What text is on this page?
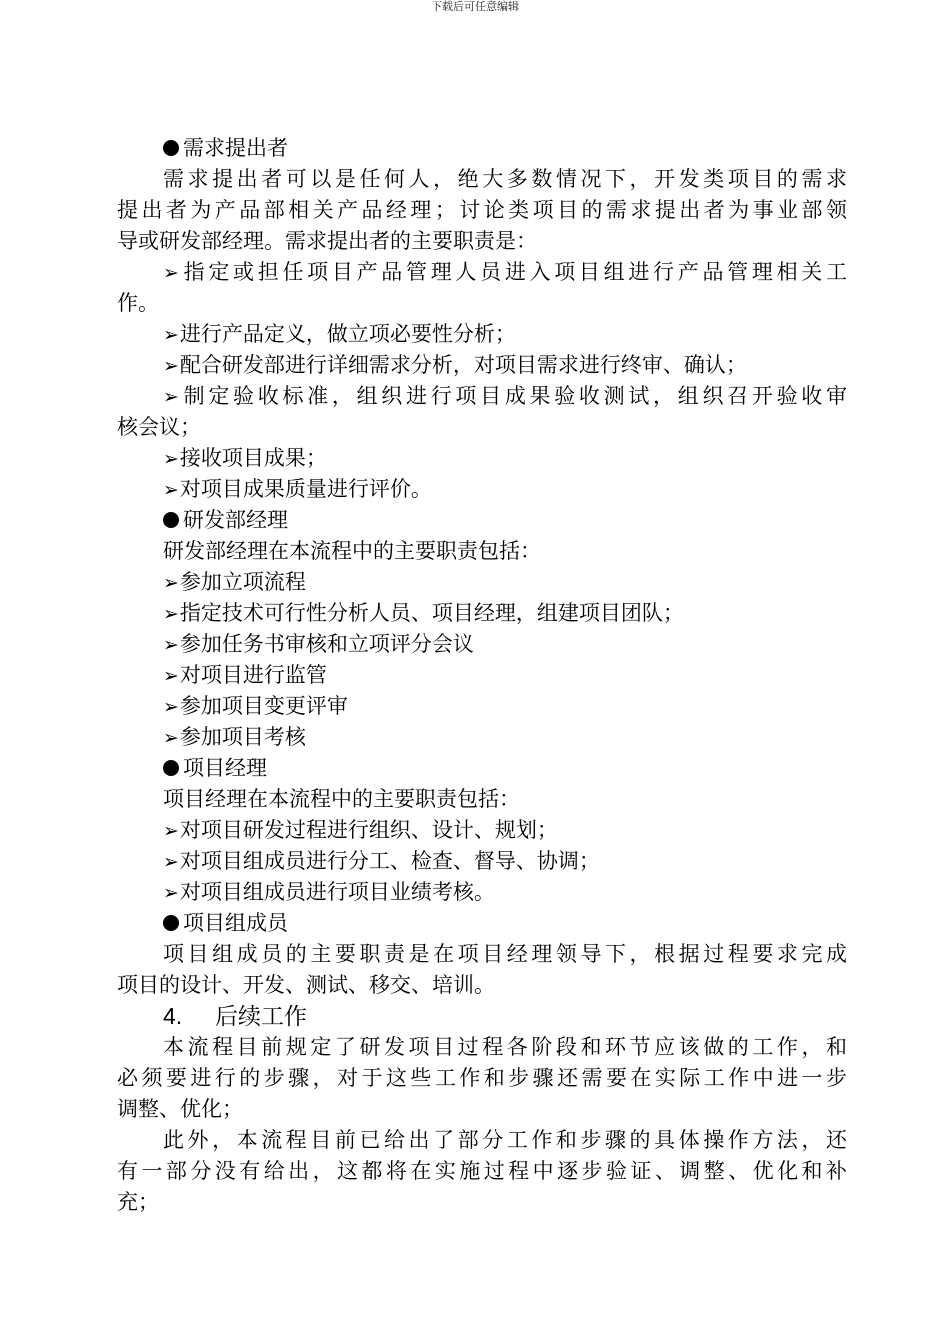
下载后可任意编辑
需求提出者
需求提出者可以是任何人，绝大多数情况下，开发类项目的需求
提出者为产品部相关产品经理；讨论类项目的需求提出者为事业部领
导或研发部经理。需求提出者的主要职责是：
➢指定或担任项目产品管理人员进入项目组进行产品管理相关工
作。
➢进行产品定义，做立项必要性分析；
➢配合研发部进行详细需求分析，对项目需求进行终审、确认；
➢制定验收标准，组织进行项目成果验收测试，组织召开验收审
核会议；
➢接收项目成果；
➢对项目成果质量进行评价。
研发部经理
研发部经理在本流程中的主要职责包括：
➢参加立项流程
➢指定技术可行性分析人员、项目经理，组建项目团队；
➢参加任务书审核和立项评分会议
➢对项目进行监管
➢参加项目变更评审
➢参加项目考核
项目经理
项目经理在本流程中的主要职责包括：
➢对项目研发过程进行组织、设计、规划；
➢对项目组成员进行分工、检查、督导、协调；
➢对项目组成员进行项目业绩考核。
项目组成员
项目组成员的主要职责是在项目经理领导下，根据过程要求完成
项目的设计、开发、测试、移交、培训。
4. 后续工作
本流程目前规定了研发项目过程各阶段和环节应该做的工作，和
必须要进行的步骤，对于这些工作和步骤还需要在实际工作中进一步
调整、优化；
此外，本流程目前已给出了部分工作和步骤的具体操作方法，还
有一部分没有给出，这都将在实施过程中逐步验证、调整、优化和补
充；
